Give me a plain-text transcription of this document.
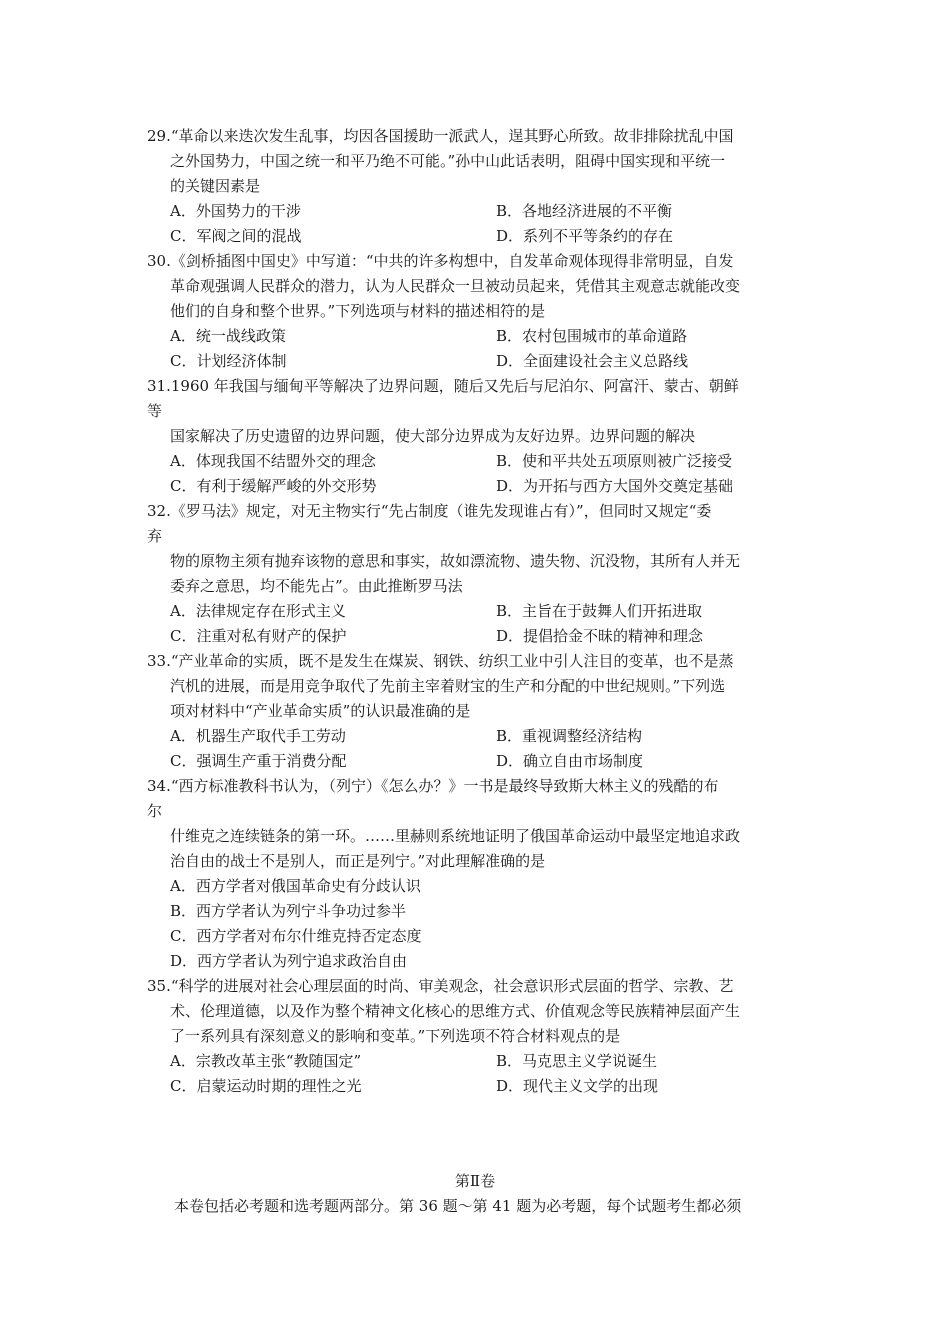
29.“革命以来迭次发生乱事，均因各国援助一派武人，逞其野心所致。故非排除扰乱中国
之外国势力，中国之统一和平乃绝不可能。”孙中山此话表明，阻碍中国实现和平统一
的关键因素是
A．外国势力的干涉	B．各地经济进展的不平衡
C．军阀之间的混战	D．系列不平等条约的存在
30.《剑桥插图中国史》中写道：“中共的许多构想中，自发革命观体现得非常明显，自发
革命观强调人民群众的潜力，认为人民群众一旦被动员起来，凭借其主观意志就能改变
他们的自身和整个世界。”下列选项与材料的描述相符的是
A．统一战线政策	B．农村包围城市的革命道路
C．计划经济体制	D．全面建设社会主义总路线
31.1960 年我国与缅甸平等解决了边界问题，随后又先后与尼泊尔、阿富汗、蒙古、朝鲜
等
国家解决了历史遗留的边界问题，使大部分边界成为友好边界。边界问题的解决
A．体现我国不结盟外交的理念	B．使和平共处五项原则被广泛接受
C．有利于缓解严峻的外交形势	D．为开拓与西方大国外交奠定基础
32.《罗马法》规定，对无主物实行“先占制度（谁先发现谁占有）”，但同时又规定“委
弃
物的原物主须有抛弃该物的意思和事实，故如漂流物、遗失物、沉没物，其所有人并无
委弃之意思，均不能先占”。由此推断罗马法
A．法律规定存在形式主义	B．主旨在于鼓舞人们开拓进取
C．注重对私有财产的保护	D．提倡拾金不昧的精神和理念
33.“产业革命的实质，既不是发生在煤炭、钢铁、纺织工业中引人注目的变革，也不是蒸
汽机的进展，而是用竞争取代了先前主宰着财宝的生产和分配的中世纪规则。”下列选
项对材料中“产业革命实质”的认识最准确的是
A．机器生产取代手工劳动	B．重视调整经济结构
C．强调生产重于消费分配	D．确立自由市场制度
34.“西方标准教科书认为，（列宁）《怎么办？》一书是最终导致斯大林主义的残酷的布
尔
什维克之连续链条的第一环。……里赫则系统地证明了俄国革命运动中最坚定地追求政
治自由的战士不是别人，而正是列宁。”对此理解准确的是
A．西方学者对俄国革命史有分歧认识
B．西方学者认为列宁斗争功过参半
C．西方学者对布尔什维克持否定态度
D．西方学者认为列宁追求政治自由
35.“科学的进展对社会心理层面的时尚、审美观念，社会意识形式层面的哲学、宗教、艺
术、伦理道德，以及作为整个精神文化核心的思维方式、价值观念等民族精神层面产生
了一系列具有深刻意义的影响和变革。”下列选项不符合材料观点的是
A．宗教改革主张“教随国定”	B．马克思主义学说诞生
C．启蒙运动时期的理性之光	D．现代主义文学的出现
第Ⅱ卷
本卷包括必考题和选考题两部分。第 36 题～第 41 题为必考题，每个试题考生都必须
